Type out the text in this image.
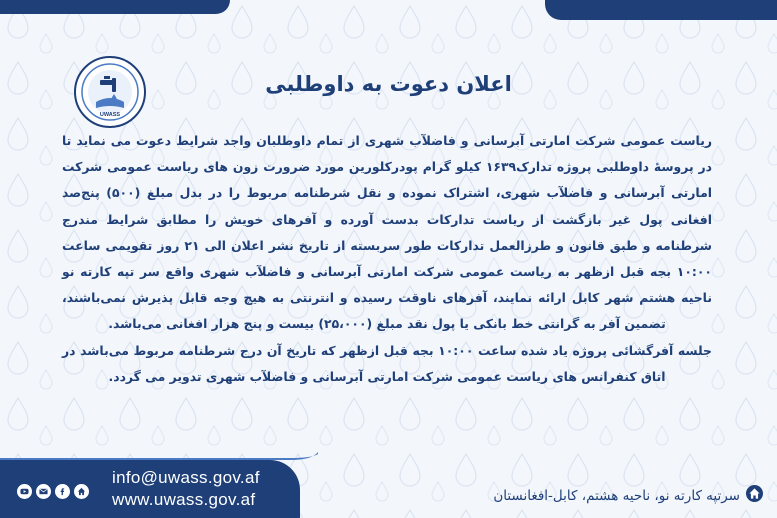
UWASS
اعلان دعوت به داوطلبی

ریاست عمومی شرکت امارتی آبرسانی و فاضلآب شهری از تمام داوطلبان واجد شرایط دعوت می نماید تا در پروسهٔ داوطلبی پروژه تدارک۱۶۳۹ کیلو گرام پودرکلورین مورد ضرورت زون های ریاست عمومی شرکت امارتی آبرسانی و فاضلآب شهری، اشتراک نموده و نقل شرطنامه مربوط را در بدل مبلغ (۵۰۰) پنج‌صد افغانی پول غیر بازگشت از ریاست تدارکات بدست آورده و آفرهای خویش را مطابق شرایط مندرج شرطنامه و طبق قانون و طرزالعمل تدارکات طور سربسته از تاریخ نشر اعلان الی ۲۱ روز تقویمی ساعت ۱۰:۰۰ بجه قبل ازظهر به ریاست عمومی شرکت امارتی آبرسانی و فاضلآب شهری واقع سر تپه کارته نو ناحیه هشتم شهر کابل ارائه نمایند، آفرهای ناوقت رسیده و انترنتی به هیچ وجه قابل پذیرش نمی‌باشند، تضمین آفر به گرانتی خط بانکی یا پول نقد مبلغ (۲۵،۰۰۰) بیست و پنج هزار افغانی می‌باشد.

جلسه آفرگشائی پروژه یاد شده ساعت ۱۰:۰۰ بجه قبل ازظهر که تاریخ آن درج شرطنامه مربوط می‌باشد در اتاق کنفرانس های ریاست عمومی شرکت امارتی آبرسانی و فاضلآب شهری تدویر می گردد.

info@uwass.gov.af
www.uwass.gov.af	سرتپه کارته نو، ناحیه هشتم، کابل-افغانستان
